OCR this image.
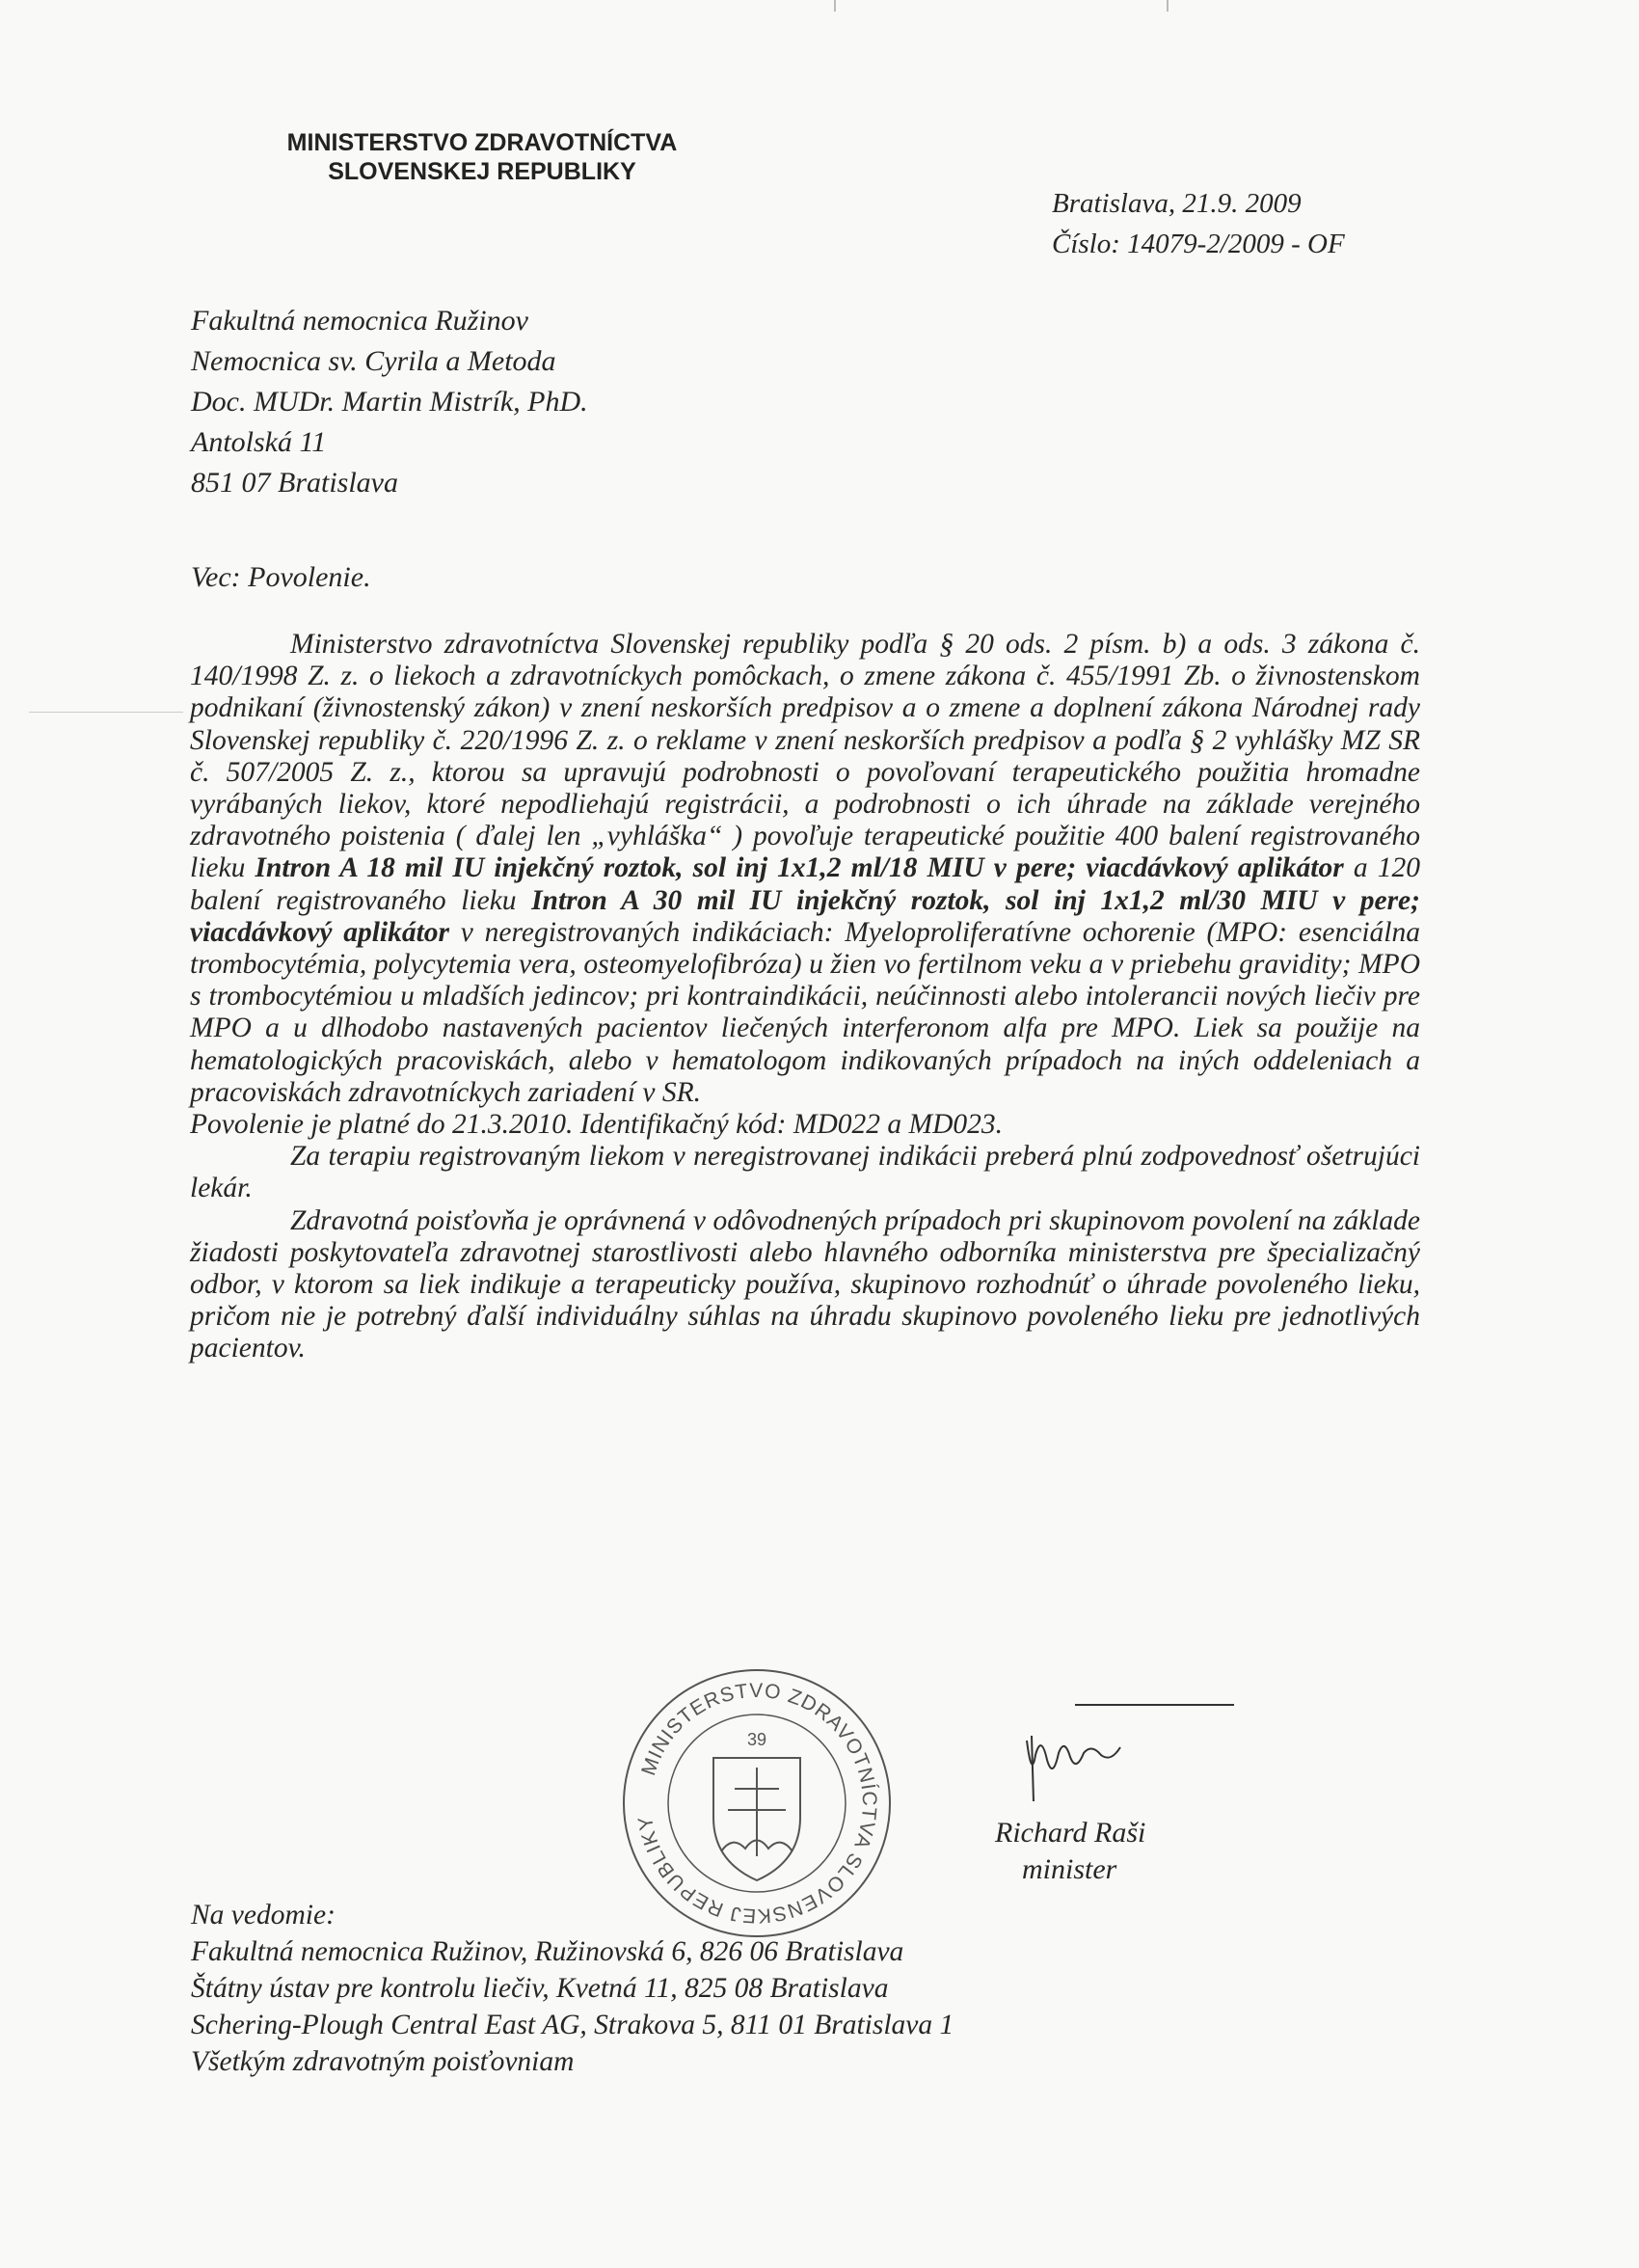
MINISTERSTVO ZDRAVOTNÍCTVA
SLOVENSKEJ REPUBLIKY
Bratislava, 21.9. 2009
Číslo: 14079-2/2009 - OF
Fakultná nemocnica Ružinov
Nemocnica sv. Cyrila a Metoda
Doc. MUDr. Martin Mistrík, PhD.
Antolská 11
851 07 Bratislava
Vec: Povolenie.

Ministerstvo zdravotníctva Slovenskej republiky podľa § 20 ods. 2 písm. b) a ods. 3 zákona č. 140/1998 Z. z. o liekoch a zdravotníckych pomôckach, o zmene zákona č. 455/1991 Zb. o živnostenskom podnikaní (živnostenský zákon) v znení neskorších predpisov a o zmene a doplnení zákona Národnej rady Slovenskej republiky č. 220/1996 Z. z. o reklame v znení neskorších predpisov a podľa § 2 vyhlášky MZ SR č. 507/2005 Z. z., ktorou sa upravujú podrobnosti o povoľovaní terapeutického použitia hromadne vyrábaných liekov, ktoré nepodliehajú registrácii, a podrobnosti o ich úhrade na základe verejného zdravotného poistenia ( ďalej len „vyhláška“ ) povoľuje terapeutické použitie 400 balení registrovaného lieku Intron A 18 mil IU injekčný roztok, sol inj 1x1,2 ml/18 MIU v pere; viacdávkový aplikátor a 120 balení registrovaného lieku Intron A 30 mil IU injekčný roztok, sol inj 1x1,2 ml/30 MIU v pere; viacdávkový aplikátor v neregistrovaných indikáciach: Myeloproliferatívne ochorenie (MPO: esenciálna trombocytémia, polycytemia vera, osteomyelofibróza) u žien vo fertilnom veku a v priebehu gravidity; MPO s trombocytémiou u mladších jedincov; pri kontraindikácii, neúčinnosti alebo intolerancii nových liečiv pre MPO a u dlhodobo nastavených pacientov liečených interferonom alfa pre MPO. Liek sa použije na hematologických pracoviskách, alebo v hematologom indikovaných prípadoch na iných oddeleniach a pracoviskách zdravotníckych zariadení v SR.

Povolenie je platné do 21.3.2010. Identifikačný kód: MD022 a MD023.

Za terapiu registrovaným liekom v neregistrovanej indikácii preberá plnú zodpovednosť ošetrujúci lekár.

Zdravotná poisťovňa je oprávnená v odôvodnených prípadoch pri skupinovom povolení na základe žiadosti poskytovateľa zdravotnej starostlivosti alebo hlavného odborníka ministerstva pre špecializačný odbor, v ktorom sa liek indikuje a terapeuticky používa, skupinovo rozhodnúť o úhrade povoleného lieku, pričom nie je potrebný ďalší individuálny súhlas na úhradu skupinovo povoleného lieku pre jednotlivých pacientov.

MINISTERSTVO ZDRAVOTNÍCTVA SLOVENSKEJ REPUBLIKY
39
Richard Raši
minister
Na vedomie:
Fakultná nemocnica Ružinov, Ružinovská 6, 826 06 Bratislava
Štátny ústav pre kontrolu liečiv, Kvetná 11, 825 08 Bratislava
Schering-Plough Central East AG, Strakova 5, 811 01 Bratislava 1
Všetkým zdravotným poisťovniam
